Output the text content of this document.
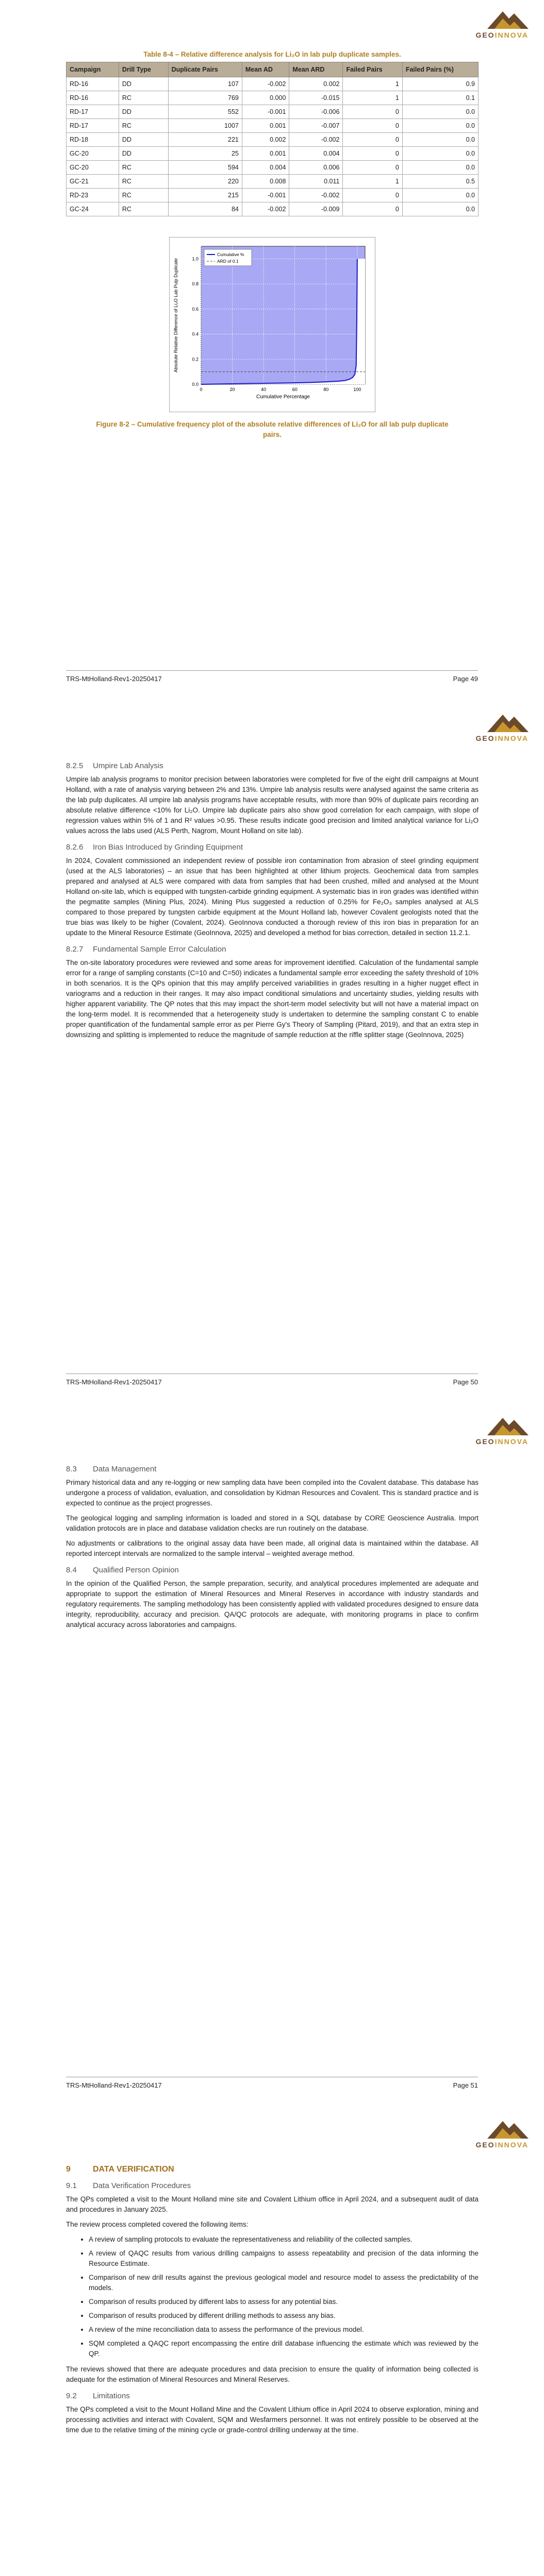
GEOINNOVA
Table 8-4 – Relative difference analysis for Li₂O in lab pulp duplicate samples.
Campaign	Drill Type	Duplicate Pairs	Mean AD	Mean ARD	Failed Pairs	Failed Pairs (%)
RD-16	DD	107	-0.002	0.002	1	0.9
RD-16	RC	769	0.000	-0.015	1	0.1
RD-17	DD	552	-0.001	-0.006	0	0.0
RD-17	RC	1007	0.001	-0.007	0	0.0
RD-18	DD	221	0.002	-0.002	0	0.0
GC-20	DD	25	0.001	0.004	0	0.0
GC-20	RC	594	0.004	0.006	0	0.0
GC-21	RC	220	0.008	0.011	1	0.5
RD-23	RC	215	-0.001	-0.002	0	0.0
GC-24	RC	84	-0.002	-0.009	0	0.0
0	20	40	60	80	100
0.0
0.2
0.4
0.6
0.8
1.0
Cumulative %
ARD of 0.1
Cumulative Percentage
Absolute Relative Difference of Li₂O Lab Pulp Duplicate
Figure 8-2 – Cumulative frequency plot of the absolute relative differences of Li₂O for all lab pulp duplicate pairs.
TRS-MtHolland-Rev1-20250417	Page 49
GEOINNOVA
8.2.5 Umpire Lab Analysis

Umpire lab analysis programs to monitor precision between laboratories were completed for five of the eight drill campaigns at Mount Holland, with a rate of analysis varying between 2% and 13%. Umpire lab analysis results were analysed against the same criteria as the lab pulp duplicates. All umpire lab analysis programs have acceptable results, with more than 90% of duplicate pairs recording an absolute relative difference <10% for Li₂O. Umpire lab duplicate pairs also show good correlation for each campaign, with slope of regression values within 5% of 1 and R² values >0.95. These results indicate good precision and limited analytical variance for Li₂O values across the labs used (ALS Perth, Nagrom, Mount Holland on site lab).

8.2.6 Iron Bias Introduced by Grinding Equipment

In 2024, Covalent commissioned an independent review of possible iron contamination from abrasion of steel grinding equipment (used at the ALS laboratories) – an issue that has been highlighted at other lithium projects. Geochemical data from samples prepared and analysed at ALS were compared with data from samples that had been crushed, milled and analysed at the Mount Holland on-site lab, which is equipped with tungsten-carbide grinding equipment. A systematic bias in iron grades was identified within the pegmatite samples (Mining Plus, 2024). Mining Plus suggested a reduction of 0.25% for Fe₂O₃ samples analysed at ALS compared to those prepared by tungsten carbide equipment at the Mount Holland lab, however Covalent geologists noted that the true bias was likely to be higher (Covalent, 2024). GeoInnova conducted a thorough review of this iron bias in preparation for an update to the Mineral Resource Estimate (GeoInnova, 2025) and developed a method for bias correction, detailed in section 11.2.1.

8.2.7 Fundamental Sample Error Calculation

The on-site laboratory procedures were reviewed and some areas for improvement identified. Calculation of the fundamental sample error for a range of sampling constants (C=10 and C=50) indicates a fundamental sample error exceeding the safety threshold of 10% in both scenarios. It is the QPs opinion that this may amplify perceived variabilities in grades resulting in a higher nugget effect in variograms and a reduction in their ranges. It may also impact conditional simulations and uncertainty studies, yielding results with higher apparent variability. The QP notes that this may impact the short-term model selectivity but will not have a material impact on the long-term model. It is recommended that a heterogeneity study is undertaken to determine the sampling constant C to enable proper quantification of the fundamental sample error as per Pierre Gy's Theory of Sampling (Pitard, 2019), and that an extra step in downsizing and splitting is implemented to reduce the magnitude of sample reduction at the riffle splitter stage (GeoInnova, 2025)

TRS-MtHolland-Rev1-20250417	Page 50
GEOINNOVA
8.3 Data Management

Primary historical data and any re-logging or new sampling data have been compiled into the Covalent database. This database has undergone a process of validation, evaluation, and consolidation by Kidman Resources and Covalent. This is standard practice and is expected to continue as the project progresses.

The geological logging and sampling information is loaded and stored in a SQL database by CORE Geoscience Australia. Import validation protocols are in place and database validation checks are run routinely on the database.

No adjustments or calibrations to the original assay data have been made, all original data is maintained within the database. All reported intercept intervals are normalized to the sample interval – weighted average method.

8.4 Qualified Person Opinion

In the opinion of the Qualified Person, the sample preparation, security, and analytical procedures implemented are adequate and appropriate to support the estimation of Mineral Resources and Mineral Reserves in accordance with industry standards and regulatory requirements. The sampling methodology has been consistently applied with validated procedures designed to ensure data integrity, reproducibility, accuracy and precision. QA/QC protocols are adequate, with monitoring programs in place to confirm analytical accuracy across laboratories and campaigns.

TRS-MtHolland-Rev1-20250417	Page 51
GEOINNOVA
9	DATA VERIFICATION
9.1 Data Verification Procedures

The QPs completed a visit to the Mount Holland mine site and Covalent Lithium office in April 2024, and a subsequent audit of data and procedures in January 2025.

The review process completed covered the following items:

• A review of sampling protocols to evaluate the representativeness and reliability of the collected samples.
• A review of QAQC results from various drilling campaigns to assess repeatability and precision of the data informing the Resource Estimate.
• Comparison of new drill results against the previous geological model and resource model to assess the predictability of the models.
• Comparison of results produced by different labs to assess for any potential bias.
• Comparison of results produced by different drilling methods to assess any bias.
• A review of the mine reconciliation data to assess the performance of the previous model.
• SQM completed a QAQC report encompassing the entire drill database influencing the estimate which was reviewed by the QP.

The reviews showed that there are adequate procedures and data precision to ensure the quality of information being collected is adequate for the estimation of Mineral Resources and Mineral Reserves.

9.2 Limitations

The QPs completed a visit to the Mount Holland Mine and the Covalent Lithium office in April 2024 to observe exploration, mining and processing activities and interact with Covalent, SQM and Wesfarmers personnel. It was not entirely possible to be observed at the time due to the relative timing of the mining cycle or grade-control drilling underway at the time.
